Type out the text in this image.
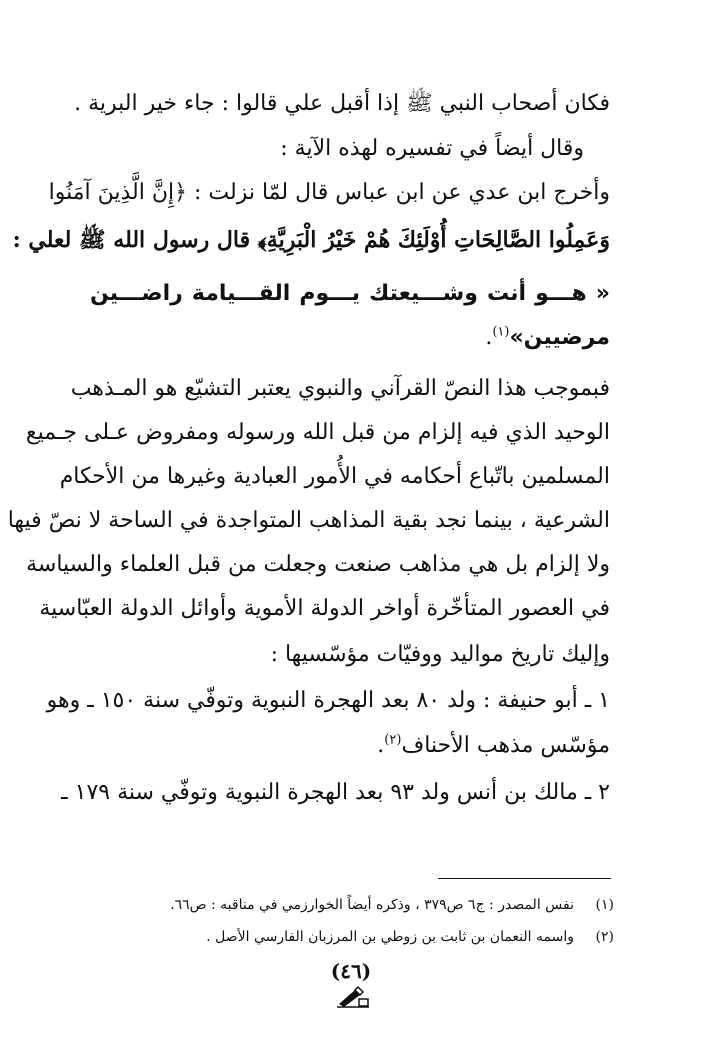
فكان أصحاب النبي ﷺ إذا أقبل علي قالوا : جاء خير البرية .
وقال أيضاً في تفسيره لهذه الآية :
وأخرج ابن عدي عن ابن عباس قال لمّا نزلت : ﴿إِنَّ الَّذِينَ آمَنُوا
وَعَمِلُوا الصَّالِحَاتِ أُوْلَئِكَ هُمْ خَيْرُ الْبَرِيَّةِ﴾ قال رسول الله ﷺ لعلي :
« هـــو أنت وشـــيعتك يـــوم القـــيامة راضـــين
مرضيين»$^{(١)}$.
فبموجب هذا النصّ القرآني والنبوي يعتبر التشيّع هو المـذهب
الوحيد الذي فيه إلزام من قبل الله ورسوله ومفروض عـلى جـميع
المسلمين باتّباع أحكامه في الأُمور العبادية وغيرها من الأحكام
الشرعية ، بينما نجد بقية المذاهب المتواجدة في الساحة لا نصّ فيها
ولا إلزام بل هي مذاهب صنعت وجعلت من قبل العلماء والسياسة
في العصور المتأخّرة أواخر الدولة الأموية وأوائل الدولة العبّاسية
وإليك تاريخ مواليد ووفيّات مؤسّسيها :
١ ـ أبو حنيفة : ولد ٨٠ بعد الهجرة النبوية وتوفّي سنة ١٥٠ ـ وهو
مؤسّس مذهب الأحناف$^{(٢)}$.
٢ ـ مالك بن أنس ولد ٩٣ بعد الهجرة النبوية وتوفّي سنة ١٧٩ ـ
(١)نفس المصدر : ج٦ ص٣٧٩ ، وذكره أيضاً الخوارزمي في مناقبه : ص٦٦.
(٢)واسمه النعمان بن ثابت بن زوطي بن المرزبان الفارسي الأصل .
(٤٦)
